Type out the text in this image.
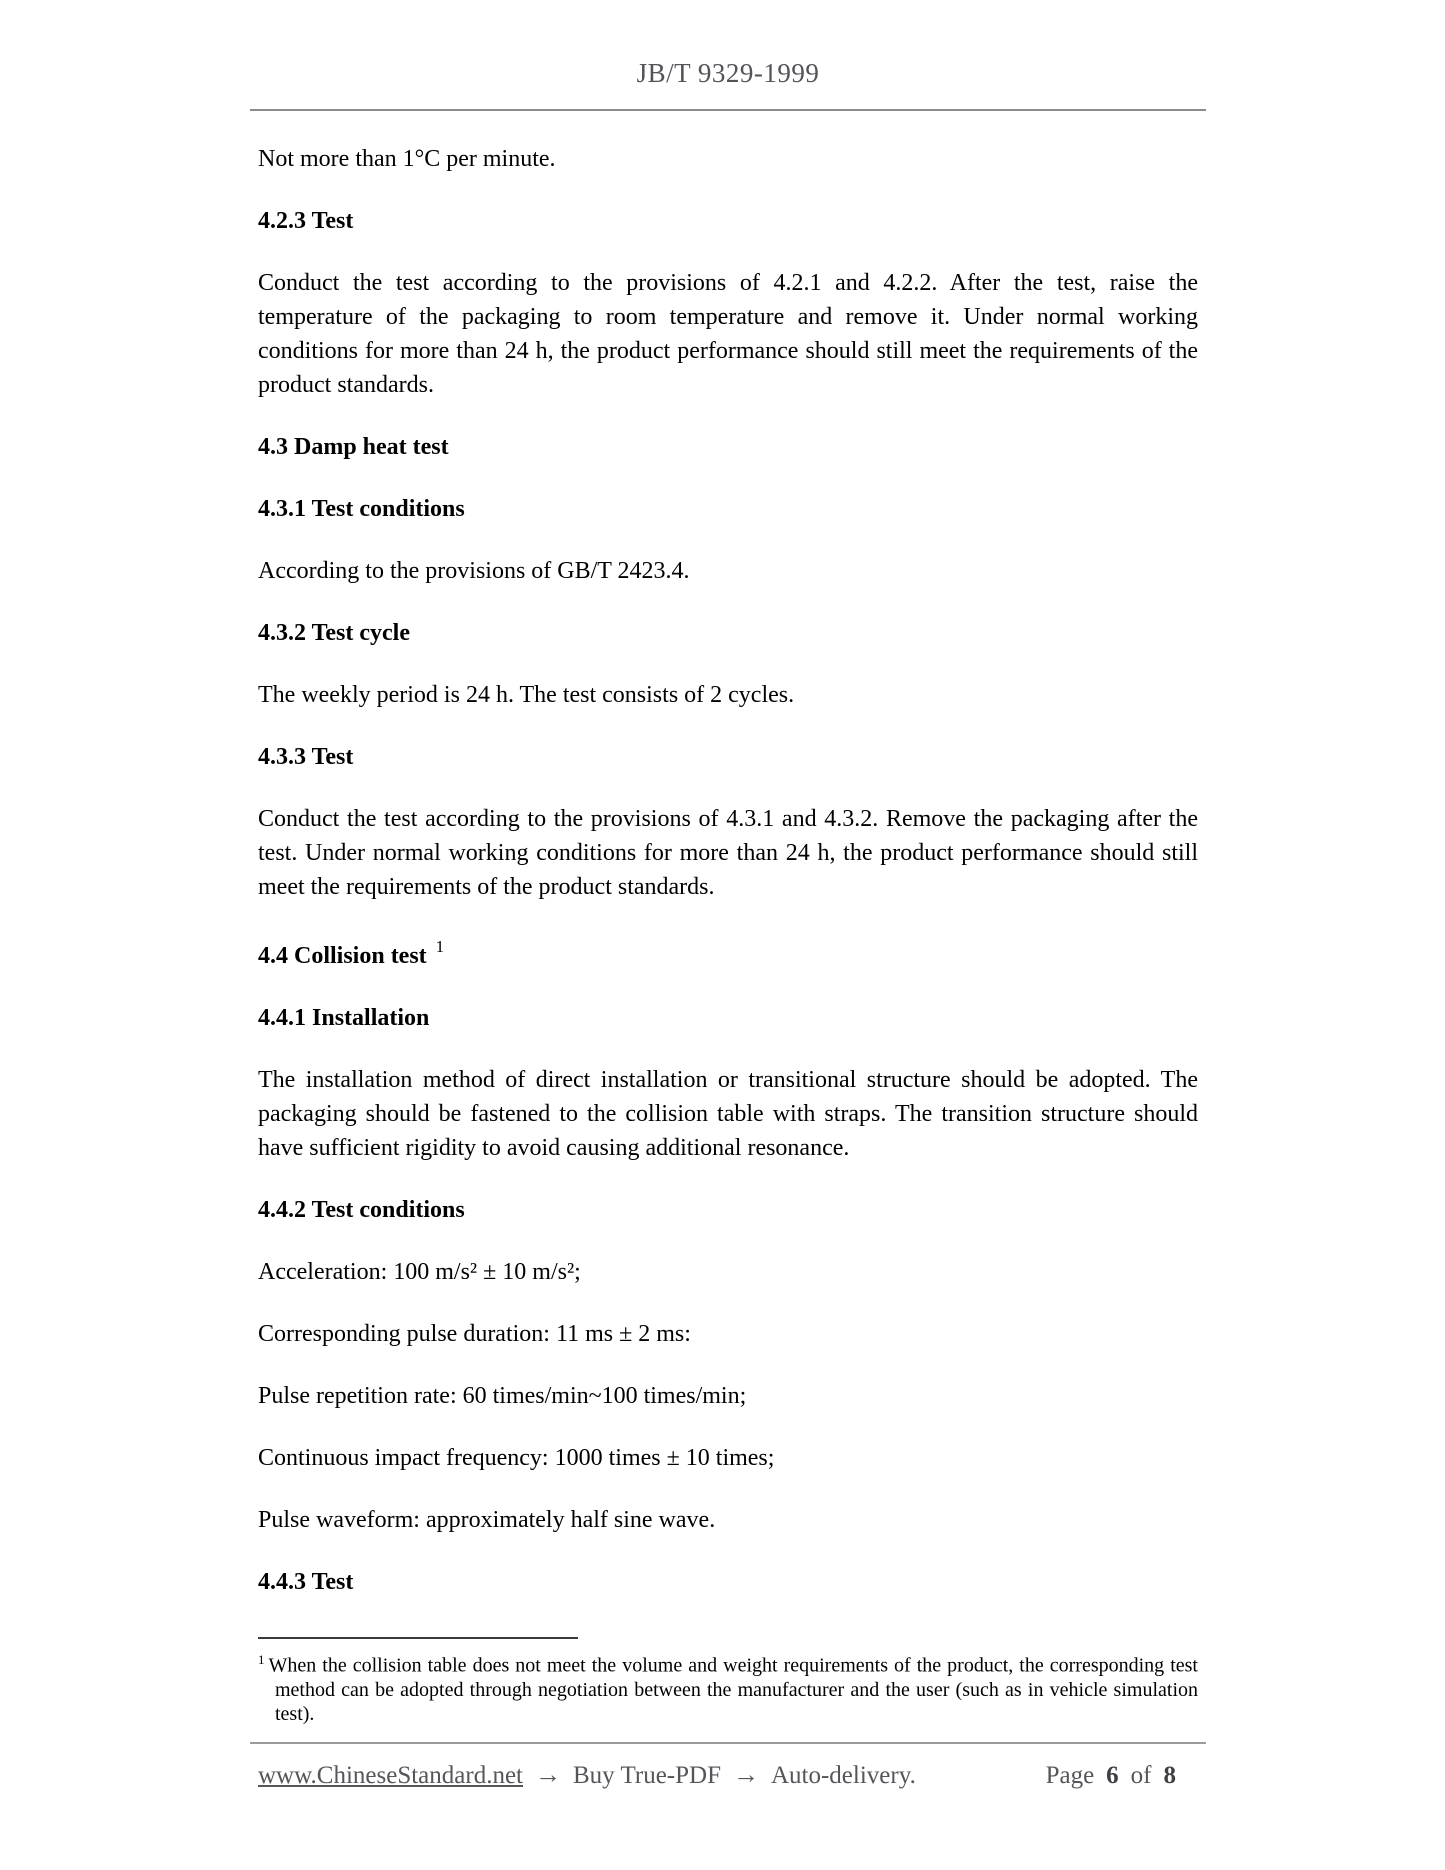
JB/T 9329-1999

Not more than 1°C per minute.

4.2.3 Test

Conduct the test according to the provisions of 4.2.1 and 4.2.2. After the test, raise the temperature of the packaging to room temperature and remove it. Under normal working conditions for more than 24 h, the product performance should still meet the requirements of the product standards.

4.3 Damp heat test
4.3.1 Test conditions

According to the provisions of GB/T 2423.4.

4.3.2 Test cycle

The weekly period is 24 h. The test consists of 2 cycles.

4.3.3 Test

Conduct the test according to the provisions of 4.3.1 and 4.3.2. Remove the packaging after the test. Under normal working conditions for more than 24 h, the product performance should still meet the requirements of the product standards.

4.4 Collision test $^1$
4.4.1 Installation

The installation method of direct installation or transitional structure should be adopted. The packaging should be fastened to the collision table with straps. The transition structure should have sufficient rigidity to avoid causing additional resonance.

4.4.2 Test conditions

Acceleration: 100 m/s² ± 10 m/s²;

Corresponding pulse duration: 11 ms ± 2 ms:

Pulse repetition rate: 60 times/min~100 times/min;

Continuous impact frequency: 1000 times ± 10 times;

Pulse waveform: approximately half sine wave.

4.4.3 Test

$^1$ When the collision table does not meet the volume and weight requirements of the product, the corresponding test method can be adopted through negotiation between the manufacturer and the user (such as in vehicle simulation test).

www.ChineseStandard.net → Buy True-PDF → Auto-delivery.	Page 6 of 8
